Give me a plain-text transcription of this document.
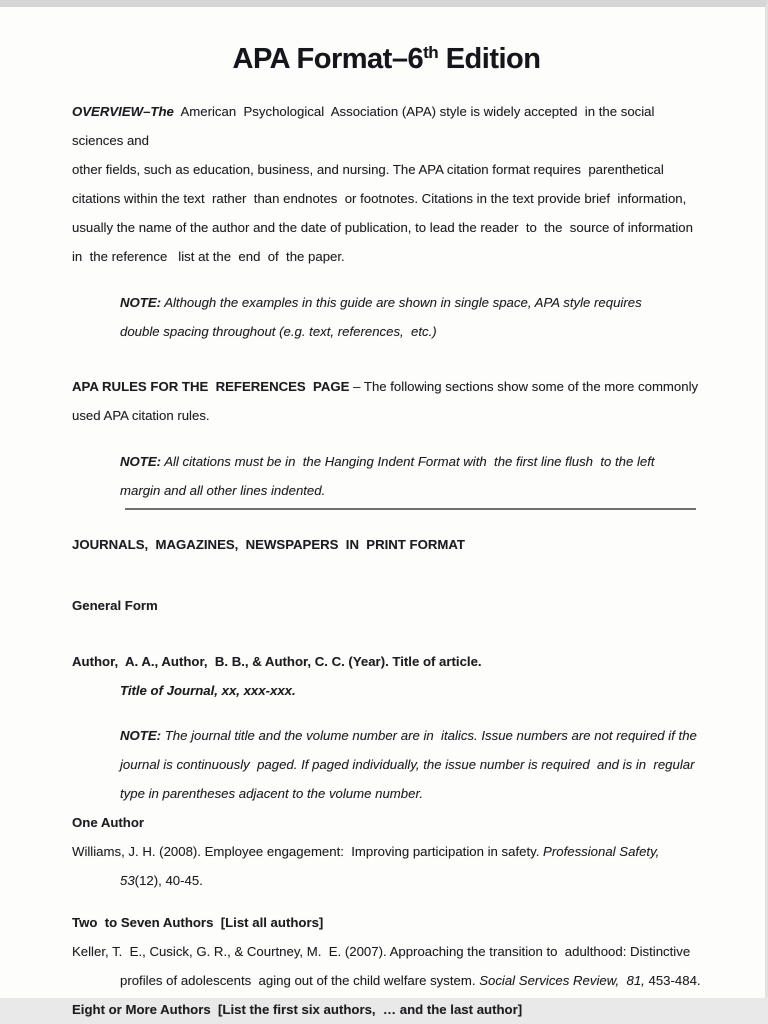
APA Format–6th Edition
OVERVIEW–The  American  Psychological  Association (APA) style is widely accepted  in the social sciences and
other fields, such as education, business, and nursing. The APA citation format requires  parenthetical
citations within the text  rather  than endnotes  or footnotes. Citations in the text provide brief  information,
usually the name of the author and the date of publication, to lead the reader  to  the  source of information
in  the reference   list at the  end  of  the paper.
NOTE: Although the examples in this guide are shown in single space, APA style requires
double spacing throughout (e.g. text, references,  etc.)
APA RULES FOR THE  REFERENCES  PAGE – The following sections show some of the more commonly
used APA citation rules.
NOTE: All citations must be in  the Hanging Indent Format with  the first line flush  to the left
margin and all other lines indented.
JOURNALS,  MAGAZINES,  NEWSPAPERS  IN  PRINT FORMAT
General Form
Author,  A. A., Author,  B. B., & Author, C. C. (Year). Title of article.
Title of Journal, xx, xxx-xxx.
NOTE: The journal title and the volume number are in  italics. Issue numbers are not required if the
journal is continuously  paged. If paged individually, the issue number is required  and is in  regular
type in parentheses adjacent to the volume number.
One Author
Williams, J. H. (2008). Employee engagement:  Improving participation in safety. Professional Safety,
53(12), 40-45.
Two  to Seven Authors  [List all authors]
Keller, T.  E., Cusick, G. R., & Courtney, M.  E. (2007). Approaching the transition to  adulthood: Distinctive
profiles of adolescents  aging out of the child welfare system. Social Services Review,  81, 453-484.
Eight or More Authors  [List the first six authors,  … and the last author]
